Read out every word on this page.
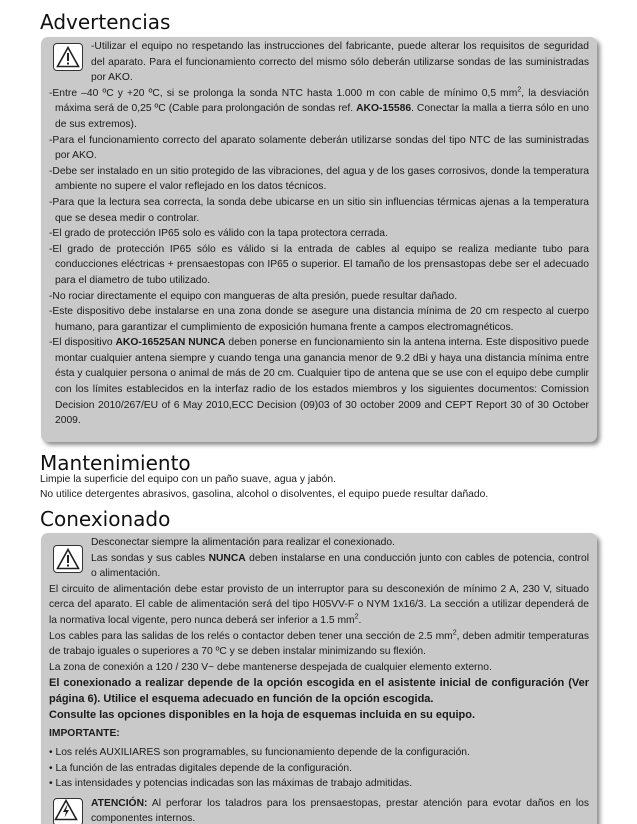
Advertencias

-Utilizar el equipo no respetando las instrucciones del fabricante, puede alterar los requisitos de seguridad del aparato. Para el funcionamiento correcto del mismo sólo deberán utilizarse sondas de las suministradas por AKO.

-Entre –40 ºC y +20 ºC, si se prolonga la sonda NTC hasta 1.000 m con cable de mínimo 0,5 $mm^2$, la desviación máxima será de 0,25 ºC (Cable para prolongación de sondas ref. AKO-15586. Conectar la malla a tierra sólo en uno de sus extremos).

-Para el funcionamiento correcto del aparato solamente deberán utilizarse sondas del tipo NTC de las suministradas por AKO.

-Debe ser instalado en un sitio protegido de las vibraciones, del agua y de los gases corrosivos, donde la temperatura ambiente no supere el valor reflejado en los datos técnicos.

-Para que la lectura sea correcta, la sonda debe ubicarse en un sitio sin influencias térmicas ajenas a la temperatura que se desea medir o controlar.

-El grado de protección IP65 solo es válido con la tapa protectora cerrada.

-El grado de protección IP65 sólo es válido si la entrada de cables al equipo se realiza mediante tubo para conducciones eléctricas + prensaestopas con IP65 o superior. El tamaño de los prensastopas debe ser el adecuado para el diametro de tubo utilizado.

-No rociar directamente el equipo con mangueras de alta presión, puede resultar dañado.

-Este dispositivo debe instalarse en una zona donde se asegure una distancia mínima de 20 cm respecto al cuerpo humano, para garantizar el cumplimiento de exposición humana frente a campos electromagnéticos.

-El dispositivo AKO-16525AN NUNCA deben ponerse en funcionamiento sin la antena interna. Este dispositivo puede montar cualquier antena siempre y cuando tenga una ganancia menor de 9.2 dBi y haya una distancia mínima entre ésta y cualquier persona o animal de más de 20 cm. Cualquier tipo de antena que se use con el equipo debe cumplir con los límites establecidos en la interfaz radio de los estados miembros y los siguientes documentos: Comission Decision 2010/267/EU of 6 May 2010,ECC Decision (09)03 of 30 october 2009 and CEPT Report 30 of 30 October 2009.

Mantenimiento

Limpie la superficie del equipo con un paño suave, agua y jabón.

No utilice detergentes abrasivos, gasolina, alcohol o disolventes, el equipo puede resultar dañado.

Conexionado

Desconectar siempre la alimentación para realizar el conexionado.

Las sondas y sus cables NUNCA deben instalarse en una conducción junto con cables de potencia, control o alimentación.

El circuito de alimentación debe estar provisto de un interruptor para su desconexión de mínimo 2 A, 230 V, situado cerca del aparato. El cable de alimentación será del tipo H05VV-F o NYM 1x16/3. La sección a utilizar dependerá de la normativa local vigente, pero nunca deberá ser inferior a 1.5 $mm^2$.

Los cables para las salidas de los relés o contactor deben tener una sección de 2.5 $mm^2$, deben admitir temperaturas de trabajo iguales o superiores a 70 ºC y se deben instalar minimizando su flexión.

La zona de conexión a 120 / 230 V~ debe mantenerse despejada de cualquier elemento externo.

El conexionado a realizar depende de la opción escogida en el asistente inicial de configuración (Ver página 6). Utilice el esquema adecuado en función de la opción escogida.

Consulte las opciones disponibles en la hoja de esquemas incluida en su equipo.

IMPORTANTE:

• Los relés AUXILIARES son programables, su funcionamiento depende de la configuración.

• La función de las entradas digitales depende de la configuración.

• Las intensidades y potencias indicadas son las máximas de trabajo admitidas.

ATENCIÓN: Al perforar los taladros para los prensaestopas, prestar atención para evotar daños en los componentes internos.
